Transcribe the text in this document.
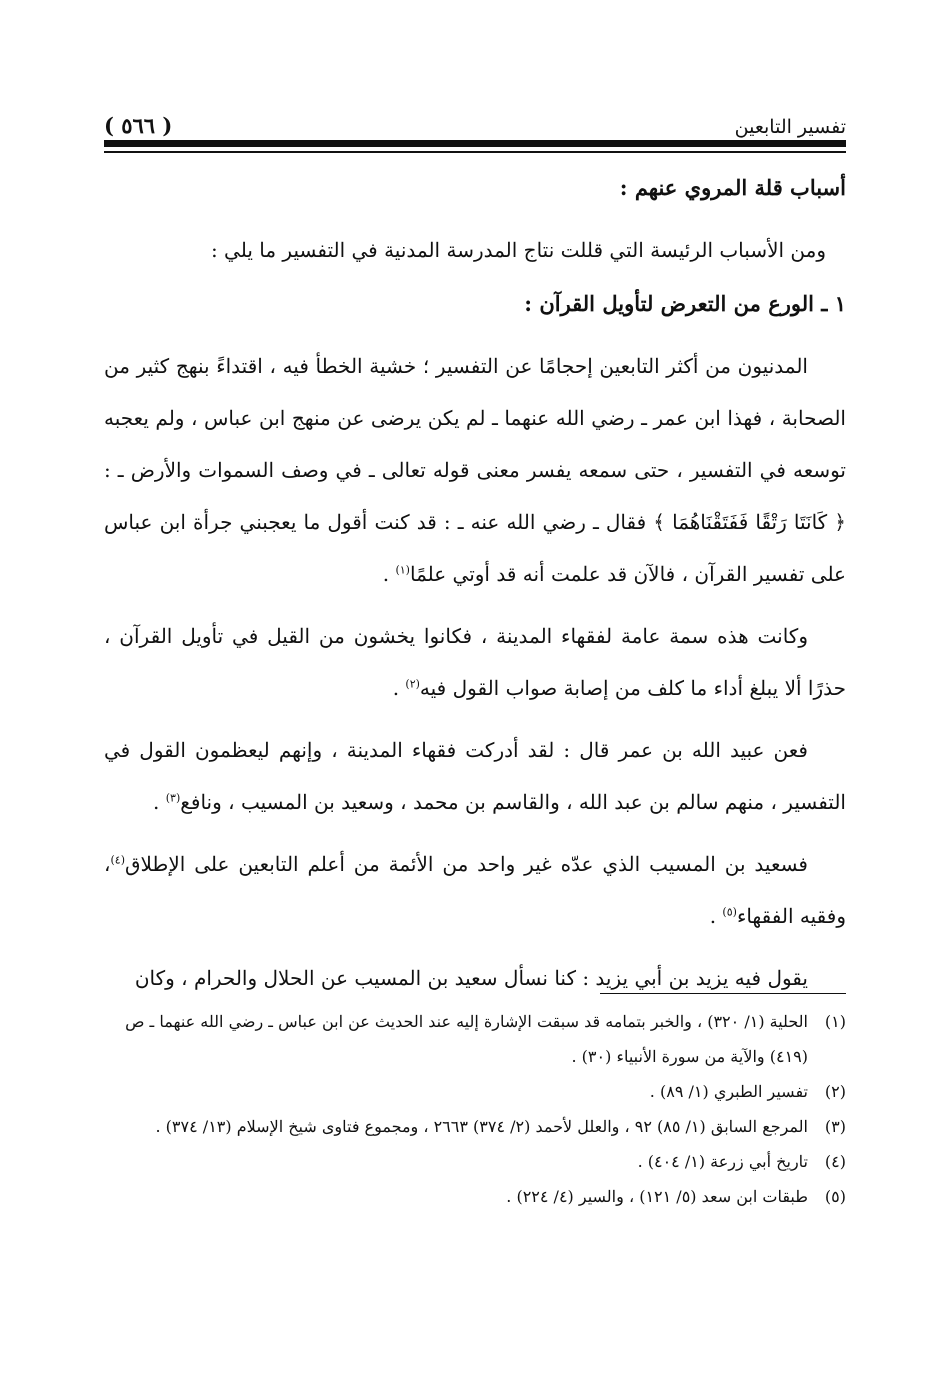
تفسير التابعين
( ٥٦٦ )
أسباب قلة المروي عنهم :

ومن الأسباب الرئيسة التي قللت نتاج المدرسة المدنية في التفسير ما يلي :

١ ـ الورع من التعرض لتأويل القرآن :

المدنيون من أكثر التابعين إحجامًا عن التفسير ؛ خشية الخطأ فيه ، اقتداءً بنهج كثير من الصحابة ، فهذا ابن عمر ـ رضي الله عنهما ـ لم يكن يرضى عن منهج ابن عباس ، ولم يعجبه توسعه في التفسير ، حتى سمعه يفسر معنى قوله تعالى ـ في وصف السموات والأرض ـ : ﴿ كَانَتَا رَتْقًا فَفَتَقْنَاهُمَا ﴾ فقال ـ رضي الله عنه ـ : قد كنت أقول ما يعجبني جرأة ابن عباس على تفسير القرآن ، فالآن قد علمت أنه قد أوتي علمًا$^{(١)}$ .

وكانت هذه سمة عامة لفقهاء المدينة ، فكانوا يخشون من القيل في تأويل القرآن ، حذرًا ألا يبلغ أداء ما كلف من إصابة صواب القول فيه$^{(٢)}$ .

فعن عبيد الله بن عمر قال : لقد أدركت فقهاء المدينة ، وإنهم ليعظمون القول في التفسير ، منهم سالم بن عبد الله ، والقاسم بن محمد ، وسعيد بن المسيب ، ونافع$^{(٣)}$ .

فسعيد بن المسيب الذي عدّه غير واحد من الأئمة من أعلم التابعين على الإطلاق$^{(٤)}$، وفقيه الفقهاء$^{(٥)}$ .

يقول فيه يزيد بن أبي يزيد : كنا نسأل سعيد بن المسيب عن الحلال والحرام ، وكان

(١)
الحلية (١/ ٣٢٠) ، والخبر بتمامه قد سبقت الإشارة إليه عند الحديث عن ابن عباس ـ رضي الله عنهما ـ ص (٤١٩) والآية من سورة الأنبياء (٣٠) .
(٢)
تفسير الطبري (١/ ٨٩) .
(٣)
المرجع السابق (١/ ٨٥) ٩٢ ، والعلل لأحمد (٢/ ٣٧٤) ٢٦٦٣ ، ومجموع فتاوى شيخ الإسلام (١٣/ ٣٧٤) .
(٤)
تاريخ أبي زرعة (١/ ٤٠٤) .
(٥)
طبقات ابن سعد (٥/ ١٢١) ، والسير (٤/ ٢٢٤) .
